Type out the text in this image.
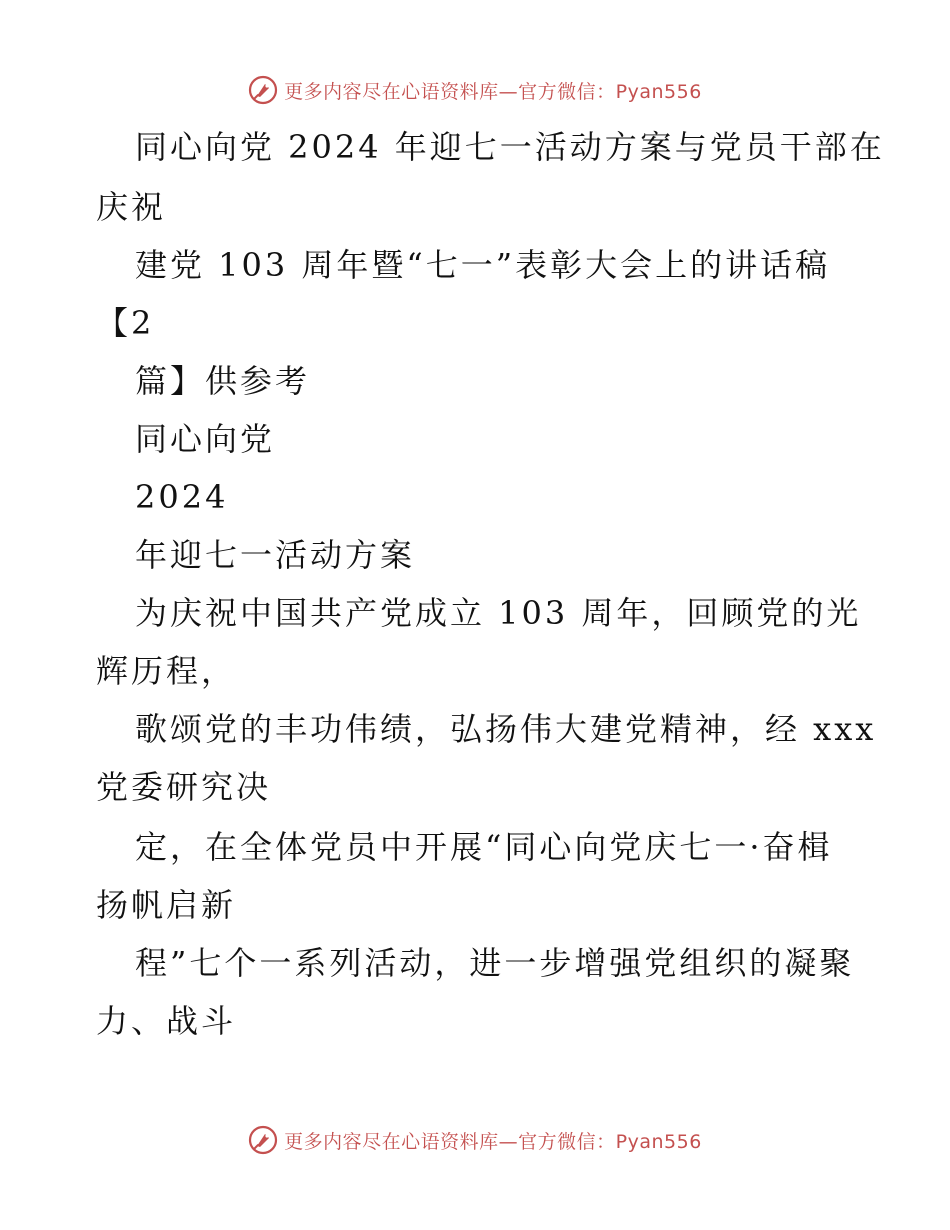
更多内容尽在心语资料库—官方微信：Pyan556
同心向党 2024 年迎七一活动方案与党员干部在
庆祝
建党 103 周年暨“七一”表彰大会上的讲话稿
【2
篇】供参考
同心向党
2024
年迎七一活动方案
为庆祝中国共产党成立 103 周年，回顾党的光
辉历程，
歌颂党的丰功伟绩，弘扬伟大建党精神，经 xxx
党委研究决
定，在全体党员中开展“同心向党庆七一·奋楫
扬帆启新
程”七个一系列活动，进一步增强党组织的凝聚
力、战斗
更多内容尽在心语资料库—官方微信：Pyan556
